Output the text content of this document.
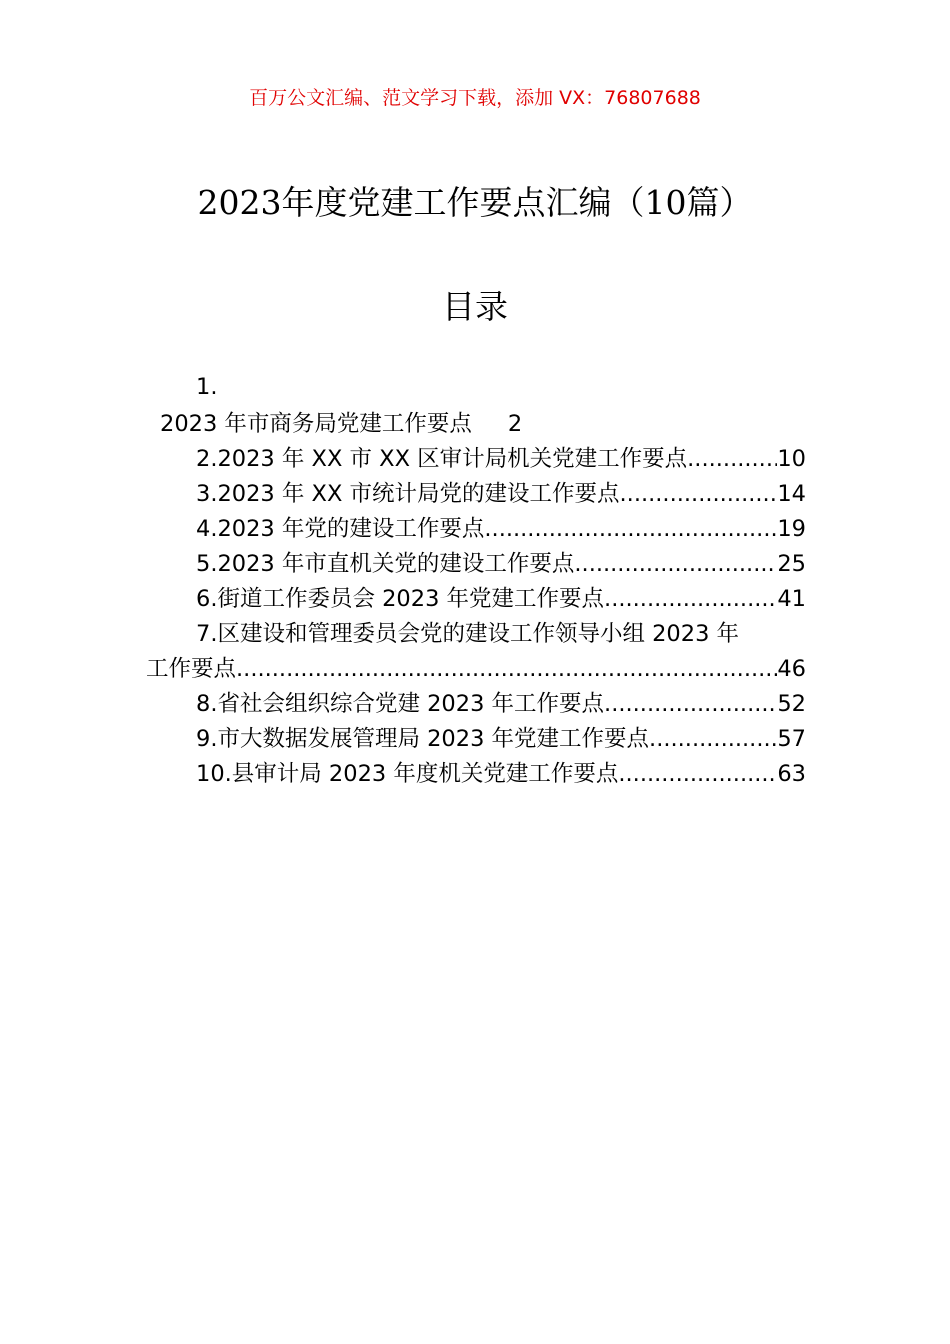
百万公文汇编、范文学习下载，添加 VX：76807688
2023年度党建工作要点汇编（10篇）
目录
1.
2023 年市商务局党建工作要点 2
2.2023 年 XX 市 XX 区审计局机关党建工作要点 .....	10
3.2023 年 XX 市统计局党的建设工作要点 .....	14
4.2023 年党的建设工作要点 .....	19
5.2023 年市直机关党的建设工作要点 .....	25
6.街道工作委员会 2023 年党建工作要点 .....	41
7.区建设和管理委员会党的建设工作领导小组 2023 年
工作要点 .....	46
8.省社会组织综合党建 2023 年工作要点 .....	52
9.市大数据发展管理局 2023 年党建工作要点 .....	57
10.县审计局 2023 年度机关党建工作要点 .....	63
